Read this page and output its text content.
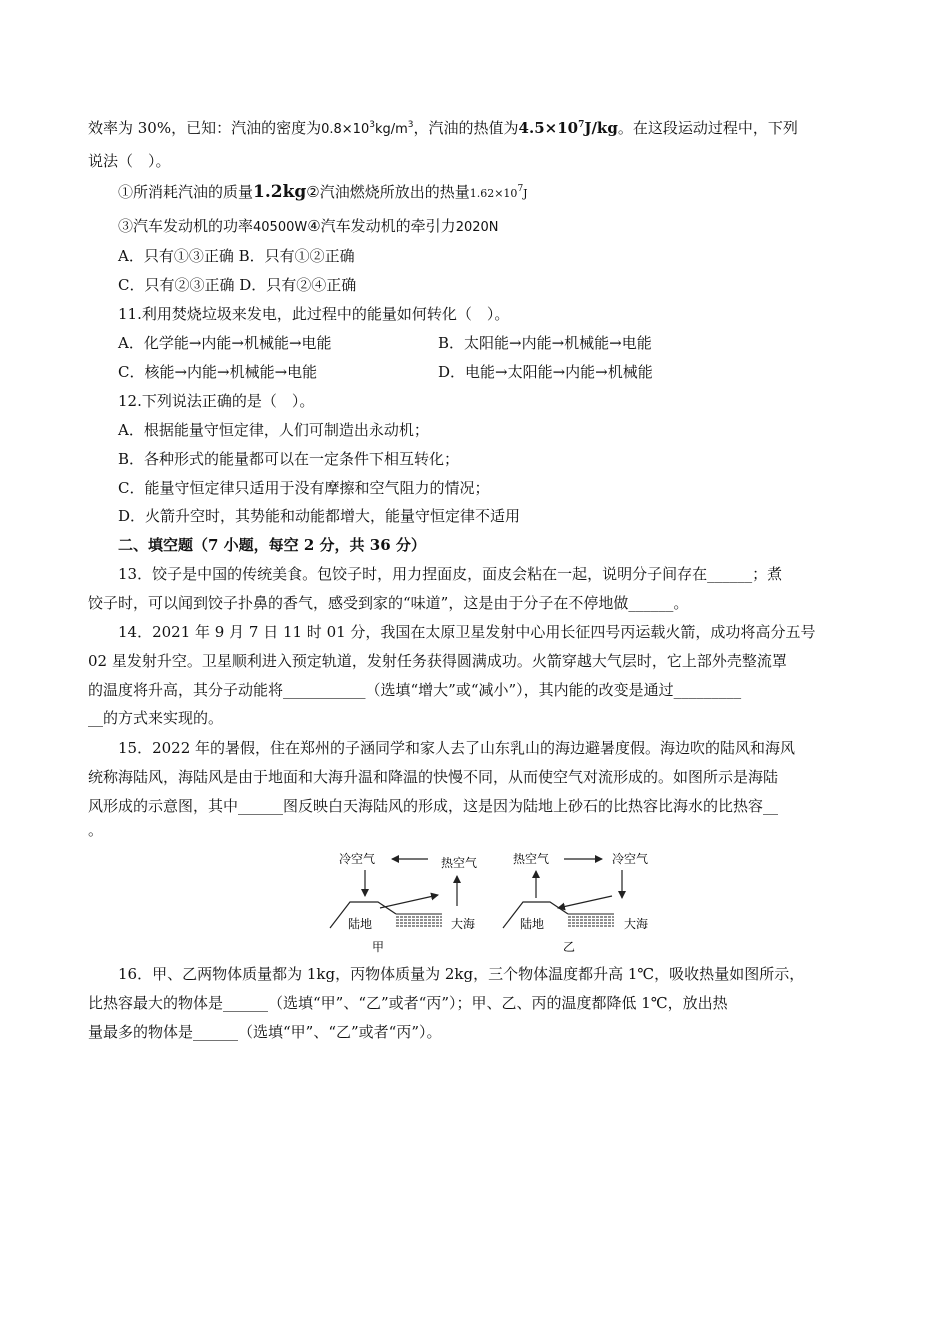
效率为 30%，已知：汽油的密度为$0.8\times 10^3kg/m^3$，汽油的热值为$4.5\times 10^7J/kg$。在这段运动过程中，下列
说法（　）。
①所消耗汽油的质量1.2kg②汽油燃烧所放出的热量$1.62\times 10^7J$
③汽车发动机的功率40500W④汽车发动机的牵引力2020N
A．只有①③正确 B．只有①②正确
C．只有②③正确 D．只有②④正确
11.利用焚烧垃圾来发电，此过程中的能量如何转化（　）。
A．化学能→内能→机械能→电能	B．太阳能→内能→机械能→电能
C．核能→内能→机械能→电能	D．电能→太阳能→内能→机械能
12.下列说法正确的是（　）。
A．根据能量守恒定律，人们可制造出永动机；
B．各种形式的能量都可以在一定条件下相互转化；
C．能量守恒定律只适用于没有摩擦和空气阻力的情况；
D．火箭升空时，其势能和动能都增大，能量守恒定律不适用
二、填空题（7 小题，每空 2 分，共 36 分）
13．饺子是中国的传统美食。包饺子时，用力捏面皮，面皮会粘在一起，说明分子间存在______；煮
饺子时，可以闻到饺子扑鼻的香气，感受到家的“味道”，这是由于分子在不停地做______。
14．2021 年 9 月 7 日 11 时 01 分，我国在太原卫星发射中心用长征四号丙运载火箭，成功将高分五号
02 星发射升空。卫星顺利进入预定轨道，发射任务获得圆满成功。火箭穿越大气层时，它上部外壳整流罩
的温度将升高，其分子动能将___________（选填“增大”或“减小”），其内能的改变是通过_________
__的方式来实现的。
15．2022 年的暑假，住在郑州的子涵同学和家人去了山东乳山的海边避暑度假。海边吹的陆风和海风
统称海陆风，海陆风是由于地面和大海升温和降温的快慢不同，从而使空气对流形成的。如图所示是海陆
风形成的示意图，其中______图反映白天海陆风的形成，这是因为陆地上砂石的比热容比海水的比热容__
。
冷空气	热空气
陆地	大海
甲
热空气	冷空气
陆地	大海
乙
16．甲、乙两物体质量都为 1kg，丙物体质量为 2kg，三个物体温度都升高 1℃，吸收热量如图所示，
比热容最大的物体是______（选填“甲”、“乙”或者“丙”）；甲、乙、丙的温度都降低 1℃，放出热
量最多的物体是______（选填“甲”、“乙”或者“丙”）。
